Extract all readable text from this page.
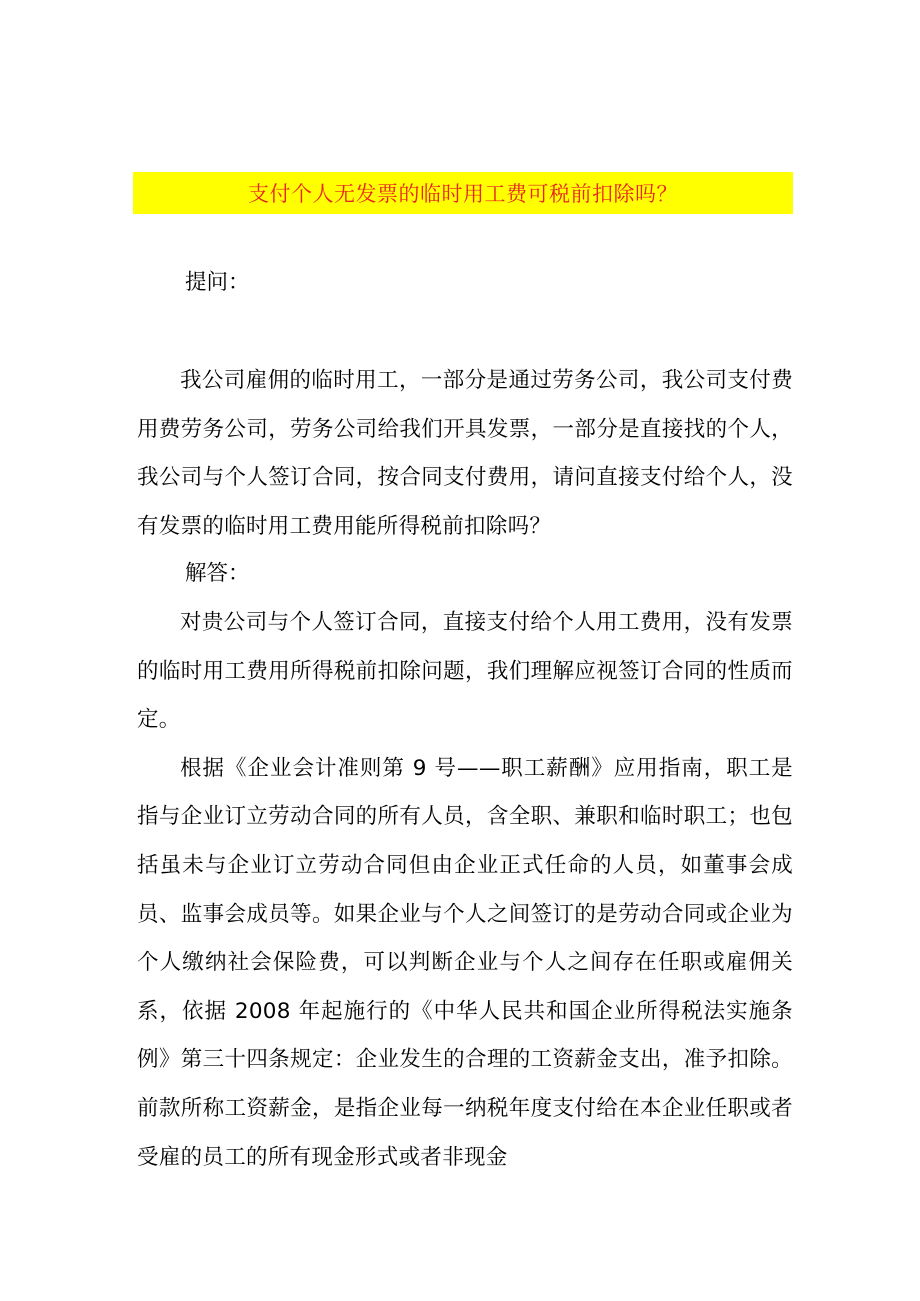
支付个人无发票的临时用工费可税前扣除吗？
提问：

我公司雇佣的临时用工，一部分是通过劳务公司，我公司支付费用费劳务公司，劳务公司给我们开具发票，一部分是直接找的个人，我公司与个人签订合同，按合同支付费用，请问直接支付给个人，没有发票的临时用工费用能所得税前扣除吗？

解答：

对贵公司与个人签订合同，直接支付给个人用工费用，没有发票的临时用工费用所得税前扣除问题，我们理解应视签订合同的性质而定。

根据《企业会计准则第 9 号——职工薪酬》应用指南，职工是指与企业订立劳动合同的所有人员，含全职、兼职和临时职工；也包括虽未与企业订立劳动合同但由企业正式任命的人员，如董事会成员、监事会成员等。如果企业与个人之间签订的是劳动合同或企业为个人缴纳社会保险费，可以判断企业与个人之间存在任职或雇佣关系，依据 2008 年起施行的《中华人民共和国企业所得税法实施条例》第三十四条规定：企业发生的合理的工资薪金支出，准予扣除。前款所称工资薪金，是指企业每一纳税年度支付给在本企业任职或者受雇的员工的所有现金形式或者非现金
